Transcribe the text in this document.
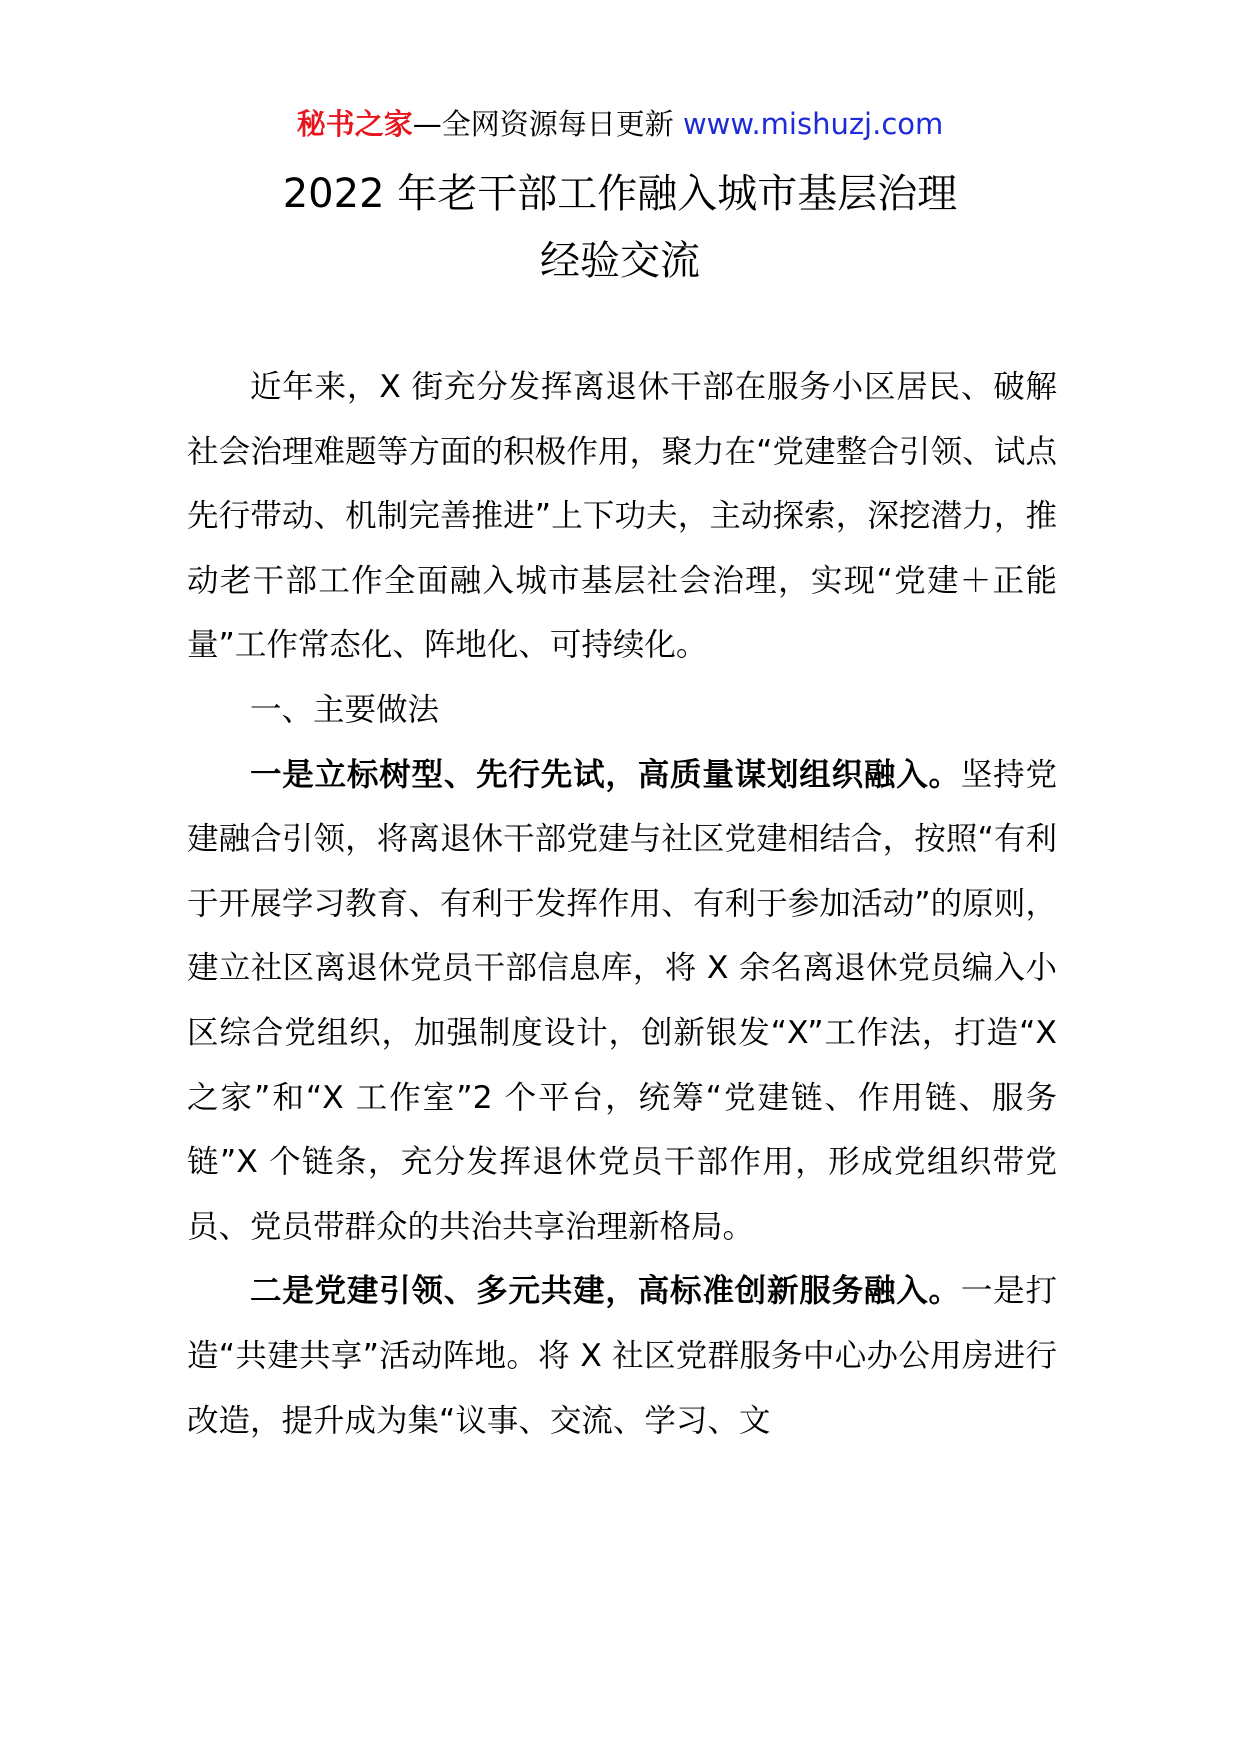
秘书之家—全网资源每日更新 www.mishuzj.com
2022 年老干部工作融入城市基层治理
经验交流

近年来，X 街充分发挥离退休干部在服务小区居民、破解社会治理难题等方面的积极作用，聚力在“党建整合引领、试点先行带动、机制完善推进”上下功夫，主动探索，深挖潜力，推动老干部工作全面融入城市基层社会治理，实现“党建＋正能量”工作常态化、阵地化、可持续化。

一、主要做法

一是立标树型、先行先试，高质量谋划组织融入。坚持党建融合引领，将离退休干部党建与社区党建相结合，按照“有利于开展学习教育、有利于发挥作用、有利于参加活动”的原则，建立社区离退休党员干部信息库，将 X 余名离退休党员编入小区综合党组织，加强制度设计，创新银发“X”工作法，打造“X 之家”和“X 工作室”2 个平台，统筹“党建链、作用链、服务链”X 个链条，充分发挥退休党员干部作用，形成党组织带党员、党员带群众的共治共享治理新格局。

二是党建引领、多元共建，高标准创新服务融入。一是打造“共建共享”活动阵地。将 X 社区党群服务中心办公用房进行改造，提升成为集“议事、交流、学习、文
